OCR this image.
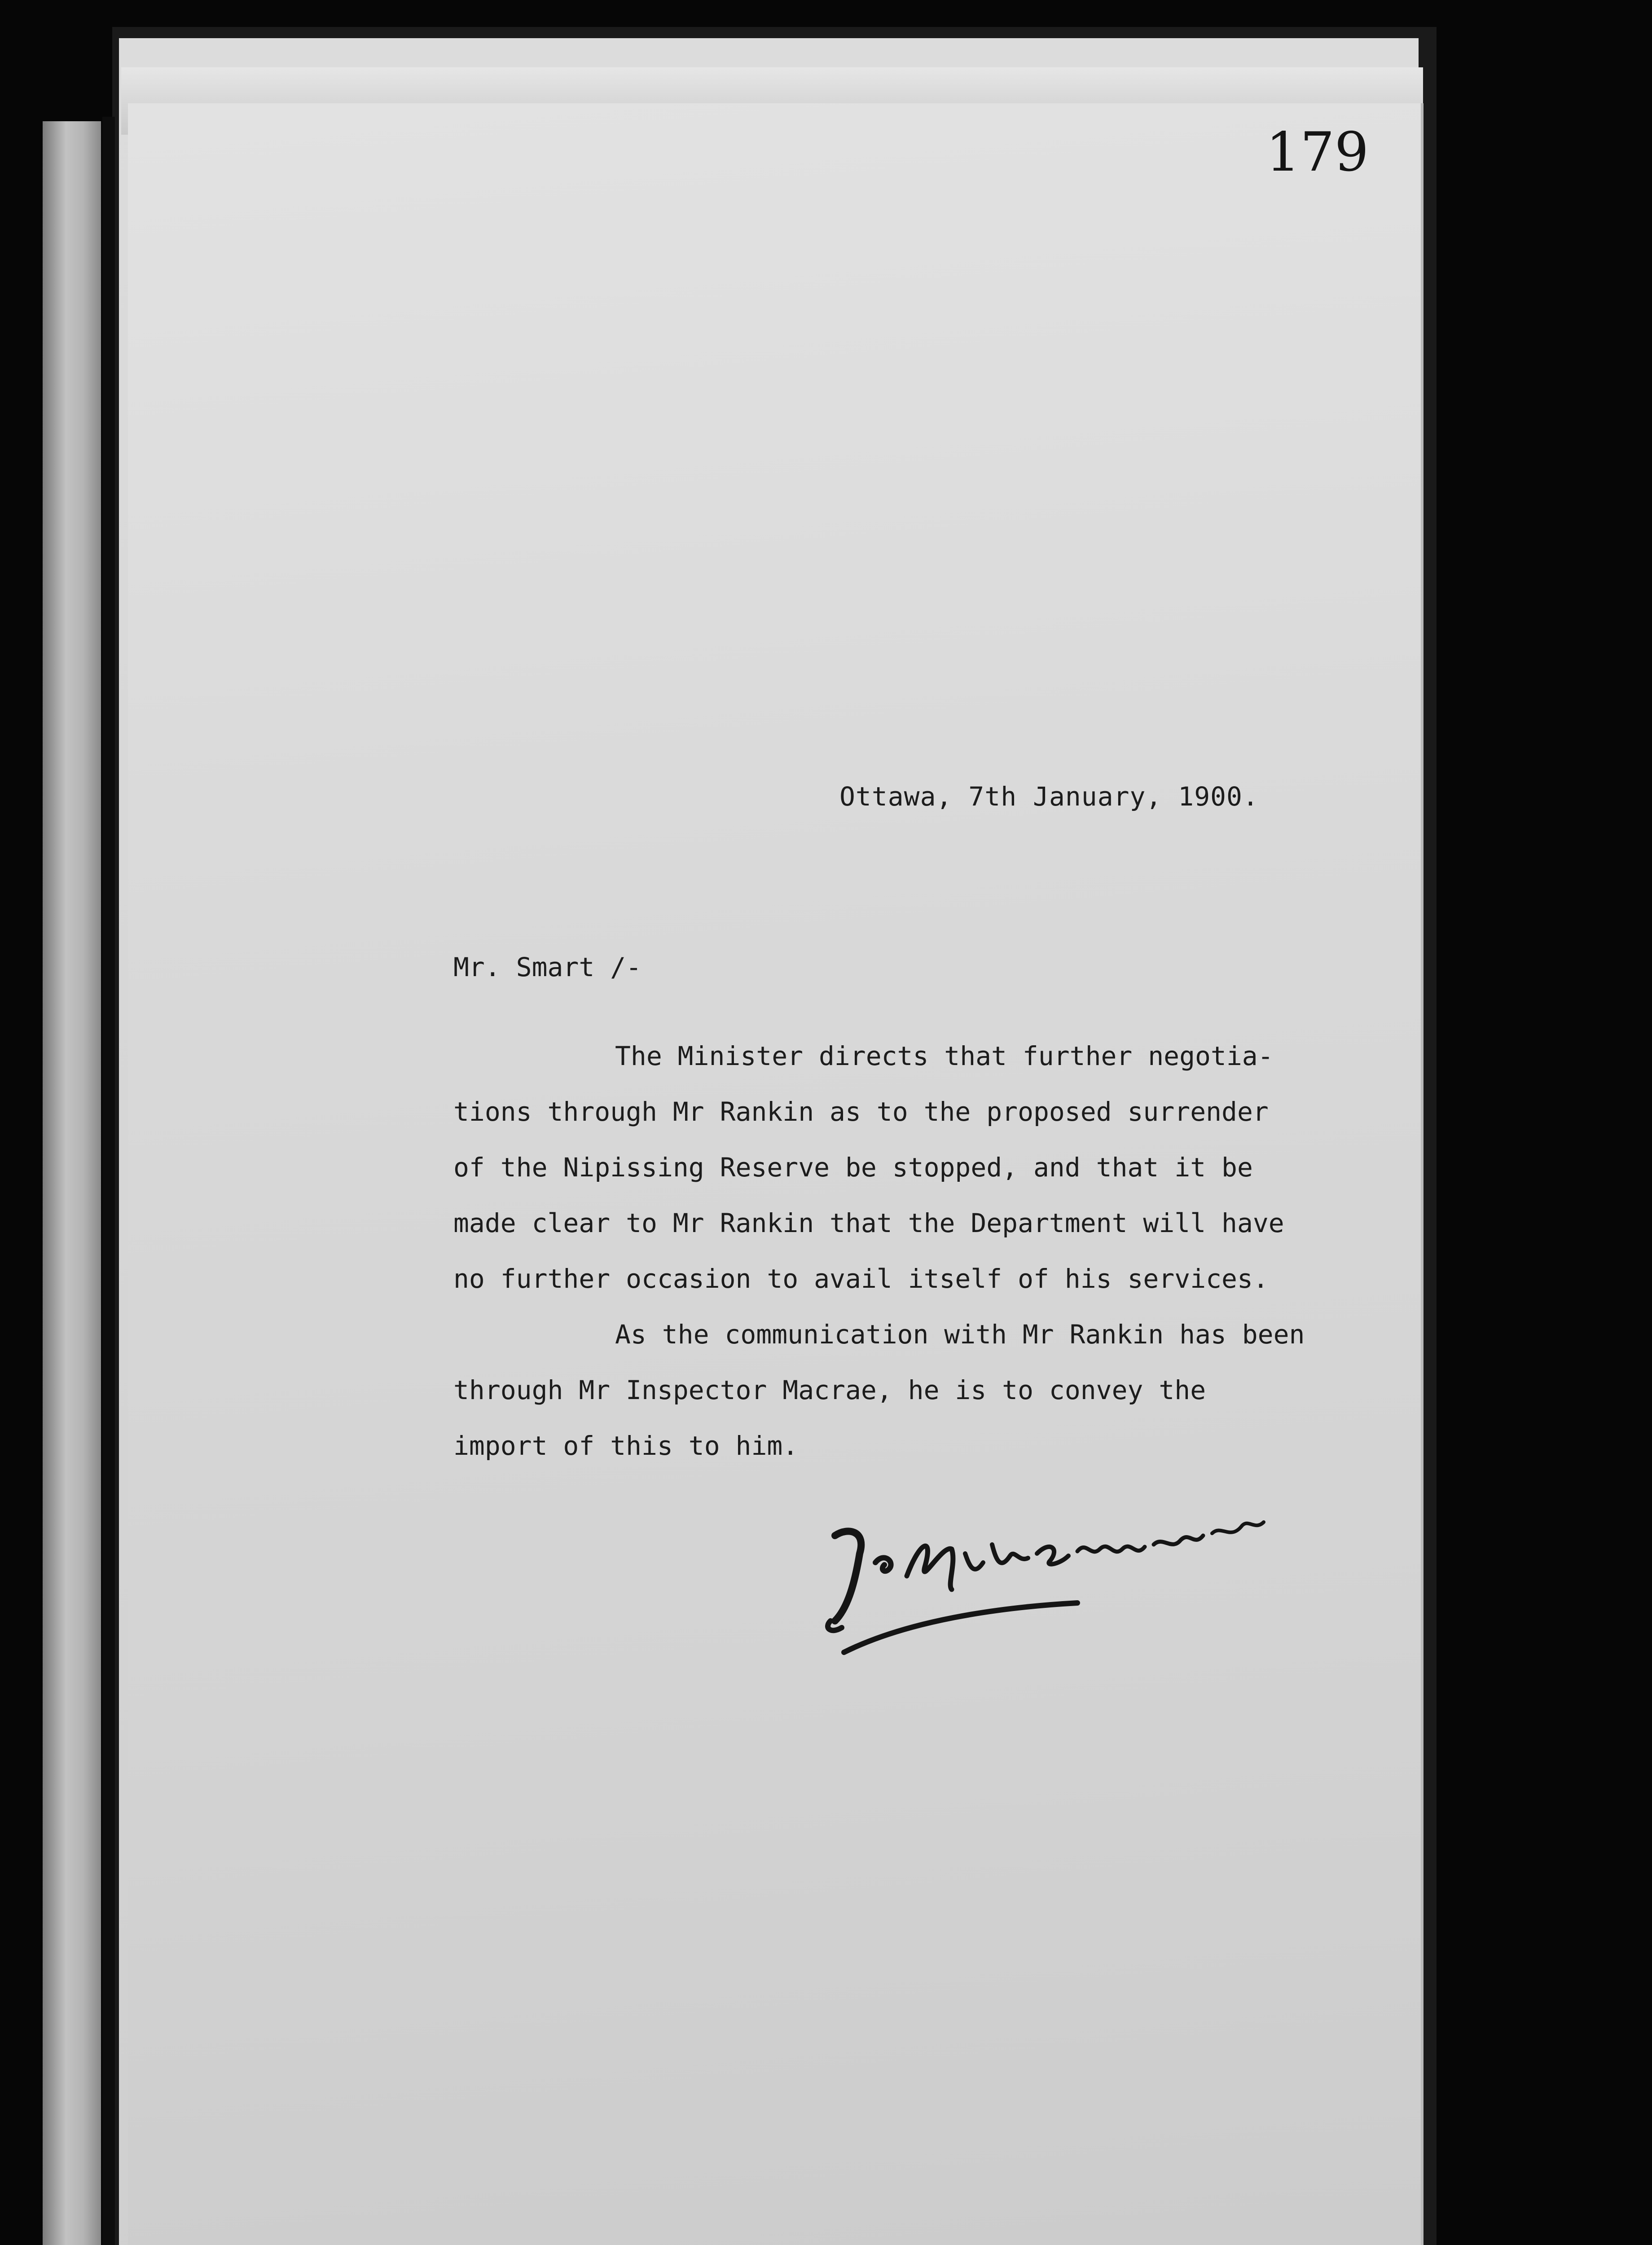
179
Ottawa, 7th January, 1900.
Mr. Smart /-
The Minister directs that further negotia-
tions through Mr Rankin as to the proposed surrender
of the Nipissing Reserve be stopped, and that it be
made clear to Mr Rankin that the Department will have
no further occasion to avail itself of his services.
As the communication with Mr Rankin has been
through Mr Inspector Macrae, he is to convey the
import of this to him.
